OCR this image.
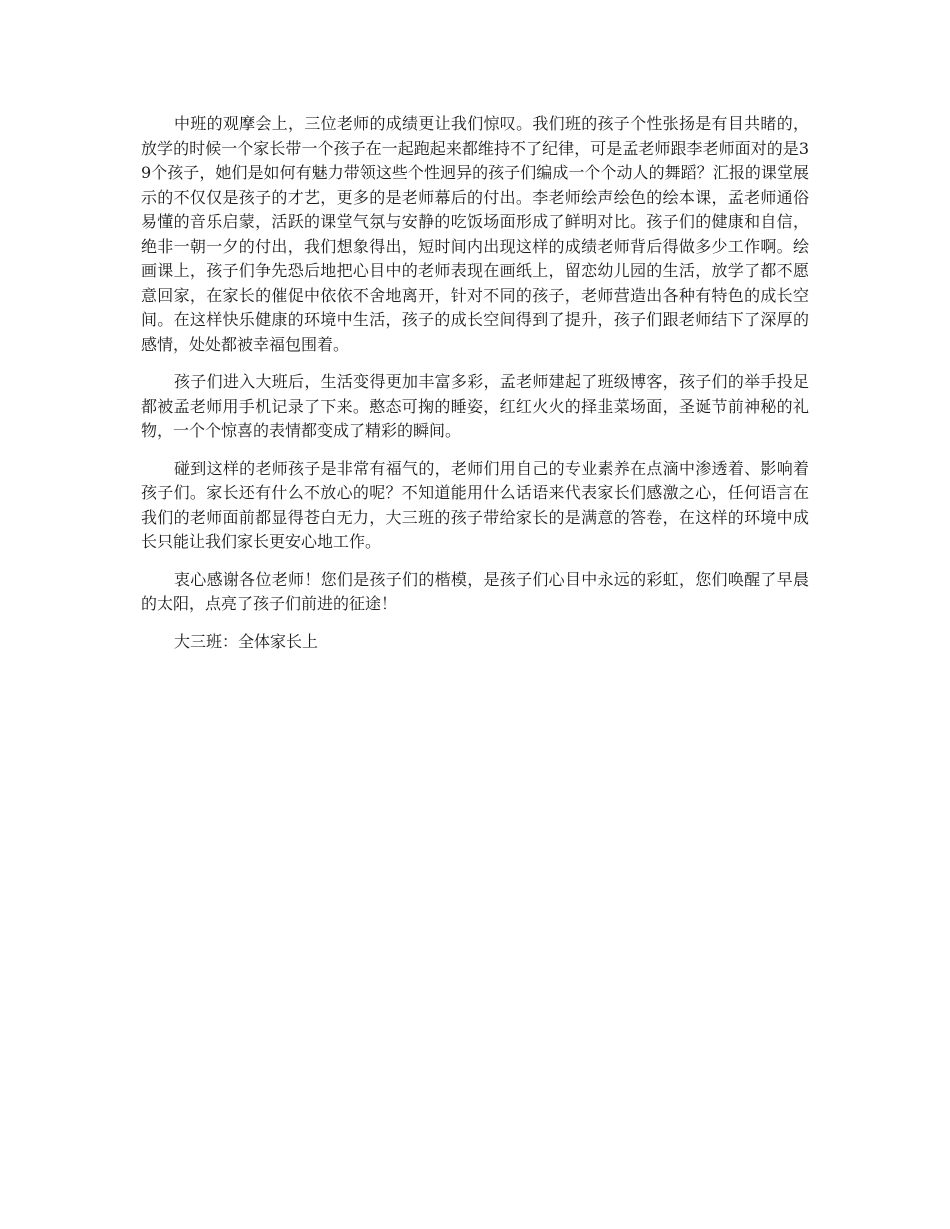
中班的观摩会上，三位老师的成绩更让我们惊叹。我们班的孩子个性张扬是有目共睹的，放学的时候一个家长带一个孩子在一起跑起来都维持不了纪律，可是孟老师跟李老师面对的是39个孩子，她们是如何有魅力带领这些个性迥异的孩子们编成一个个动人的舞蹈？汇报的课堂展示的不仅仅是孩子的才艺，更多的是老师幕后的付出。李老师绘声绘色的绘本课，孟老师通俗易懂的音乐启蒙，活跃的课堂气氛与安静的吃饭场面形成了鲜明对比。孩子们的健康和自信，绝非一朝一夕的付出，我们想象得出，短时间内出现这样的成绩老师背后得做多少工作啊。绘画课上，孩子们争先恐后地把心目中的老师表现在画纸上，留恋幼儿园的生活，放学了都不愿意回家，在家长的催促中依依不舍地离开，针对不同的孩子，老师营造出各种有特色的成长空间。在这样快乐健康的环境中生活，孩子的成长空间得到了提升，孩子们跟老师结下了深厚的感情，处处都被幸福包围着。

孩子们进入大班后，生活变得更加丰富多彩，孟老师建起了班级博客，孩子们的举手投足都被孟老师用手机记录了下来。憨态可掬的睡姿，红红火火的择韭菜场面，圣诞节前神秘的礼物，一个个惊喜的表情都变成了精彩的瞬间。

碰到这样的老师孩子是非常有福气的，老师们用自己的专业素养在点滴中渗透着、影响着孩子们。家长还有什么不放心的呢？不知道能用什么话语来代表家长们感激之心，任何语言在我们的老师面前都显得苍白无力，大三班的孩子带给家长的是满意的答卷，在这样的环境中成长只能让我们家长更安心地工作。

衷心感谢各位老师！您们是孩子们的楷模，是孩子们心目中永远的彩虹，您们唤醒了早晨的太阳，点亮了孩子们前进的征途！

大三班：全体家长上
